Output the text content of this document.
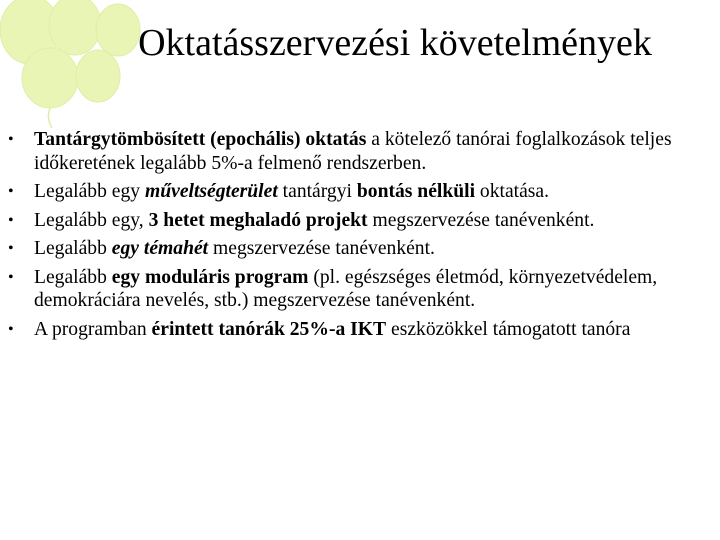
Oktatásszervezési követelmények
•	Tantárgytömbösített (epochális) oktatás a kötelező tanórai foglalkozások teljes időkeretének legalább 5%-a felmenő rendszerben.
•	Legalább egy műveltségterület tantárgyi bontás nélküli oktatása.
•	Legalább egy, 3 hetet meghaladó projekt megszervezése tanévenként.
•	Legalább egy témahét megszervezése tanévenként.
•	Legalább egy moduláris program (pl. egészséges életmód, környezetvédelem, demokráciára nevelés, stb.) megszervezése tanévenként.
•	A programban érintett tanórák 25%-a IKT eszközökkel támogatott tanóra
